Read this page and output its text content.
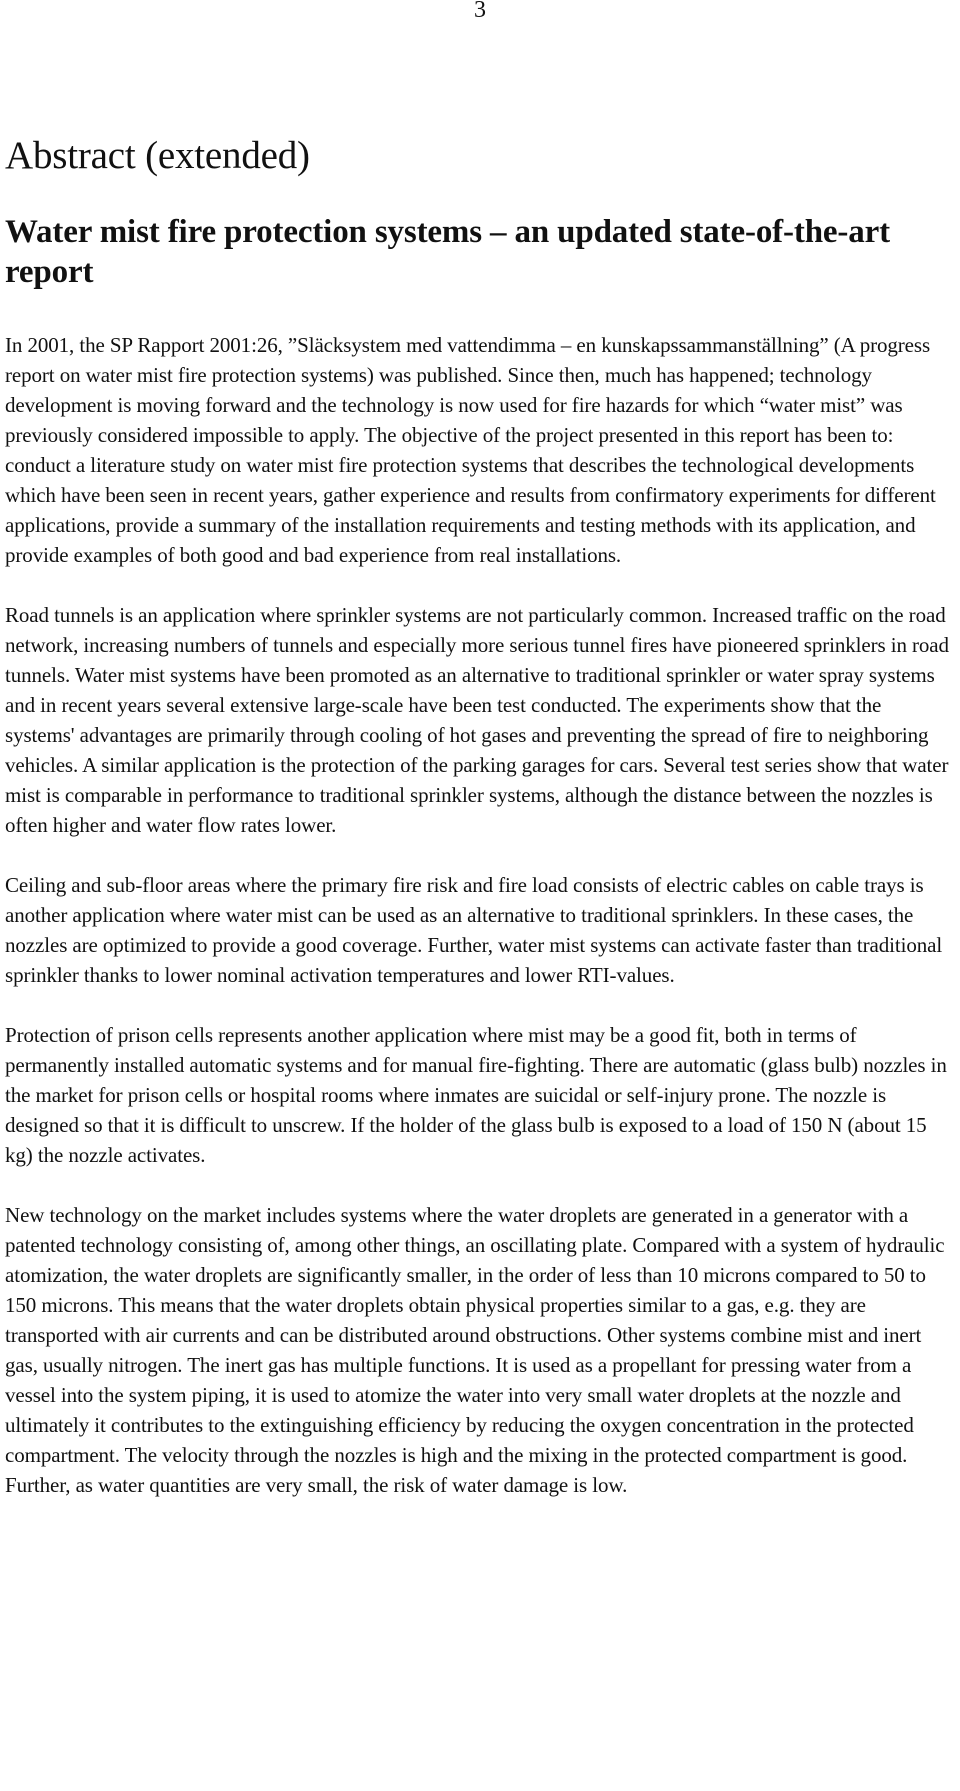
3
Abstract (extended)
Water mist fire protection systems – an updated state-of-the-art report

In 2001, the SP Rapport 2001:26, ”Släcksystem med vattendimma – en kunskapssammanställning” (A progress report on water mist fire protection systems) was published. Since then, much has happened; technology development is moving forward and the technology is now used for fire hazards for which “water mist” was previously considered impossible to apply. The objective of the project presented in this report has been to: conduct a literature study on water mist fire protection systems that describes the technological developments which have been seen in recent years, gather experience and results from confirmatory experiments for different applications, provide a summary of the installation requirements and testing methods with its application, and provide examples of both good and bad experience from real installations.

Road tunnels is an application where sprinkler systems are not particularly common. Increased traffic on the road network, increasing numbers of tunnels and especially more serious tunnel fires have pioneered sprinklers in road tunnels. Water mist systems have been promoted as an alternative to traditional sprinkler or water spray systems and in recent years several extensive large-scale have been test conducted. The experiments show that the systems' advantages are primarily through cooling of hot gases and preventing the spread of fire to neighboring vehicles. A similar application is the protection of the parking garages for cars. Several test series show that water mist is comparable in performance to traditional sprinkler systems, although the distance between the nozzles is often higher and water flow rates lower.

Ceiling and sub-floor areas where the primary fire risk and fire load consists of electric cables on cable trays is another application where water mist can be used as an alternative to traditional sprinklers. In these cases, the nozzles are optimized to provide a good coverage. Further, water mist systems can activate faster than traditional sprinkler thanks to lower nominal activation temperatures and lower RTI-values.

Protection of prison cells represents another application where mist may be a good fit, both in terms of permanently installed automatic systems and for manual fire-fighting. There are automatic (glass bulb) nozzles in the market for prison cells or hospital rooms where inmates are suicidal or self-injury prone. The nozzle is designed so that it is difficult to unscrew. If the holder of the glass bulb is exposed to a load of 150 N (about 15 kg) the nozzle activates.

New technology on the market includes systems where the water droplets are generated in a generator with a patented technology consisting of, among other things, an oscillating plate. Compared with a system of hydraulic atomization, the water droplets are significantly smaller, in the order of less than 10 microns compared to 50 to 150 microns. This means that the water droplets obtain physical properties similar to a gas, e.g. they are transported with air currents and can be distributed around obstructions. Other systems combine mist and inert gas, usually nitrogen. The inert gas has multiple functions. It is used as a propellant for pressing water from a vessel into the system piping, it is used to atomize the water into very small water droplets at the nozzle and ultimately it contributes to the extinguishing efficiency by reducing the oxygen concentration in the protected compartment. The velocity through the nozzles is high and the mixing in the protected compartment is good. Further, as water quantities are very small, the risk of water damage is low.
